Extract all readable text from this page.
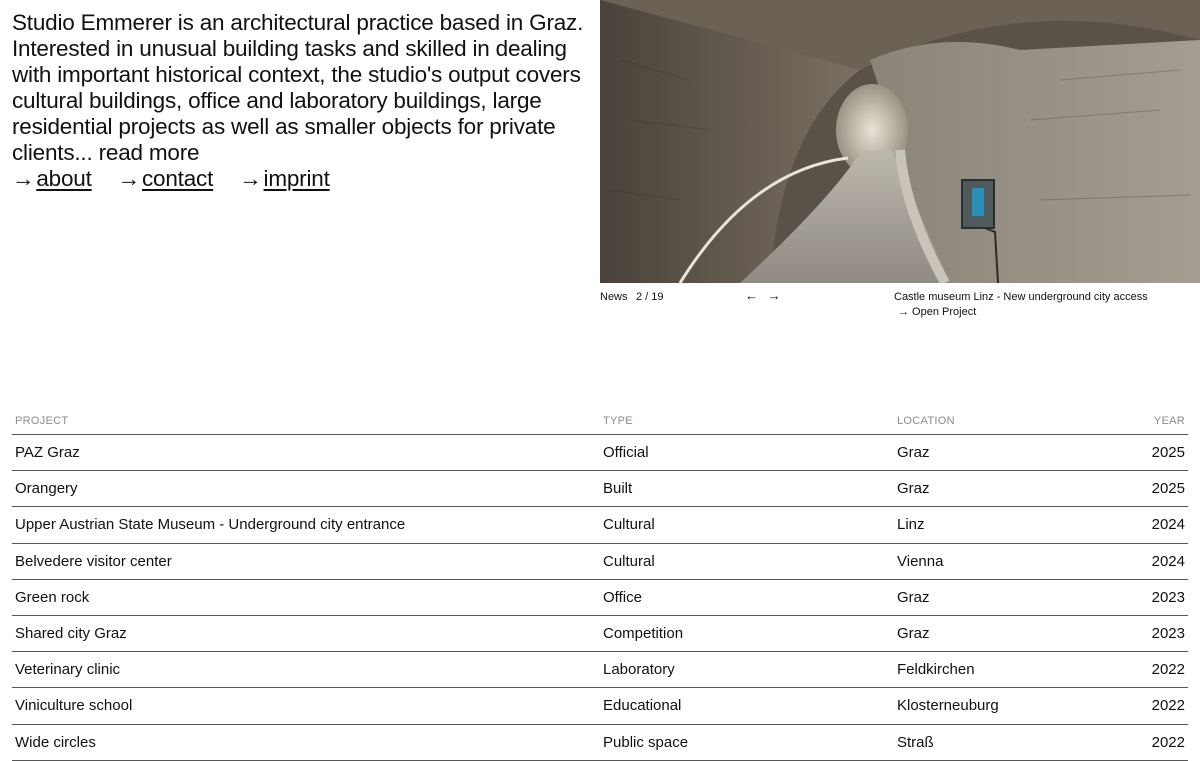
Studio Emmerer is an architectural practice based in Graz. Interested in unusual building tasks and skilled in dealing with important historical context, the studio's output covers cultural buildings, office and laboratory buildings, large residential projects as well as smaller objects for private clients... read more
→about →contact →imprint
News 2 / 19	← →	Castle museum Linz - New underground city access
→ Open Project
PROJECT	TYPE	LOCATION	YEAR
PAZ Graz	Official	Graz	2025
Orangery	Built	Graz	2025
Upper Austrian State Museum - Underground city entrance	Cultural	Linz	2024
Belvedere visitor center	Cultural	Vienna	2024
Green rock	Office	Graz	2023
Shared city Graz	Competition	Graz	2023
Veterinary clinic	Laboratory	Feldkirchen	2022
Viniculture school	Educational	Klosterneuburg	2022
Wide circles	Public space	Straß	2022
